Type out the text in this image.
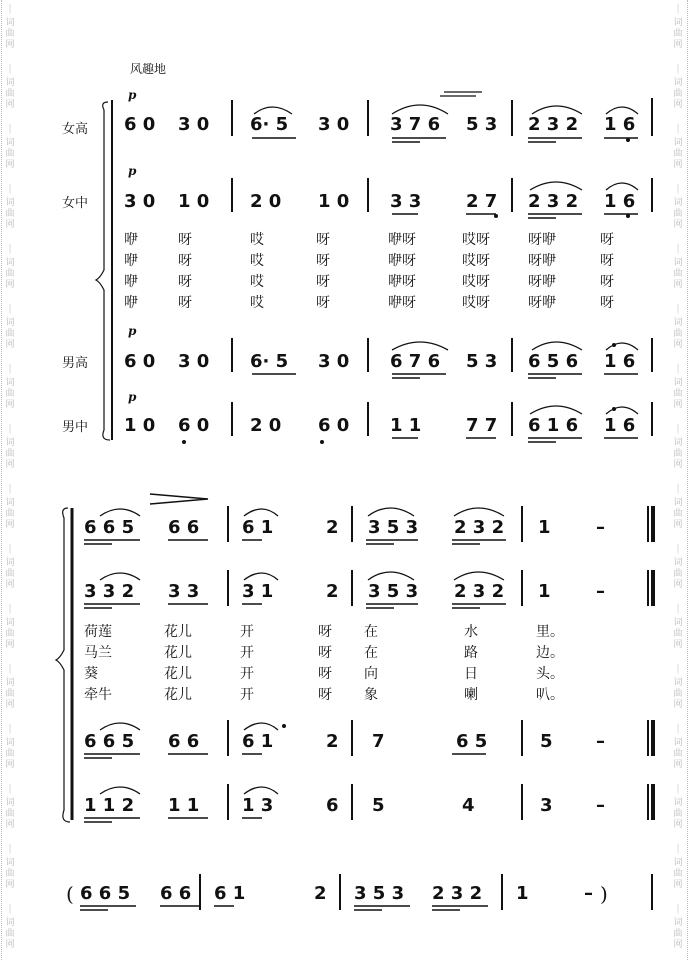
|
词
曲
网
|
词
曲
网
|
词
曲
网
|
词
曲
网
|
词
曲
网
|
词
曲
网
|
词
曲
网
|
词
曲
网
|
词
曲
网
|
词
曲
网
|
词
曲
网
|
词
曲
网
|
词
曲
网
|
词
曲
网
|
词
曲
网
|
词
曲
网
|
词
曲
网
|
词
曲
网
|
词
曲
网
|
词
曲
网
|
词
曲
网
|
词
曲
网
|
词
曲
网
|
词
曲
网
|
词
曲
网
|
词
曲
网
|
词
曲
网
|
词
曲
网
|
词
曲
网
|
词
曲
网
|
词
曲
网
|
词
曲
网
风趣地
女高
女中
男高
男中
p
p
p
p
6 0 3 0 6· 5 3 0 3 7 6 5 3 2 3 2 1 6
3 0 1 0 2 0 1 0 3 3 2 7 2 3 2 1 6
咿	呀	哎	呀	咿呀	哎呀	呀咿	呀
咿	呀	哎	呀	咿呀	哎呀	呀咿	呀
咿	呀	哎	呀	咿呀	哎呀	呀咿	呀
咿	呀	哎	呀	咿呀	哎呀	呀咿	呀
6 0 3 0 6· 5 3 0 6 7 6 5 3 6 5 6 1 6
1 0 6 0 2 0 6 0 1 1 7 7 6 1 6 1 6
6 6 5 6 6 6 1	2 3 5 3 2 3 2 1	–
3 3 2 3 3 3 1	2 3 5 3 2 3 2 1	–
荷莲	花儿	开	呀 在	水	里。
马兰	花儿	开	呀 在	路	边。
葵	花儿	开	呀 向	日	头。
牵牛	花儿	开	呀 象	喇	叭。
6 6 5 6 6 6 1	2 7	6 5	5 –
1 1 2 1 1 1 3	6 5	4	3 –
( 6 6 5 6 6 6 1	2 3 5 3 2 3 2 1	– )
